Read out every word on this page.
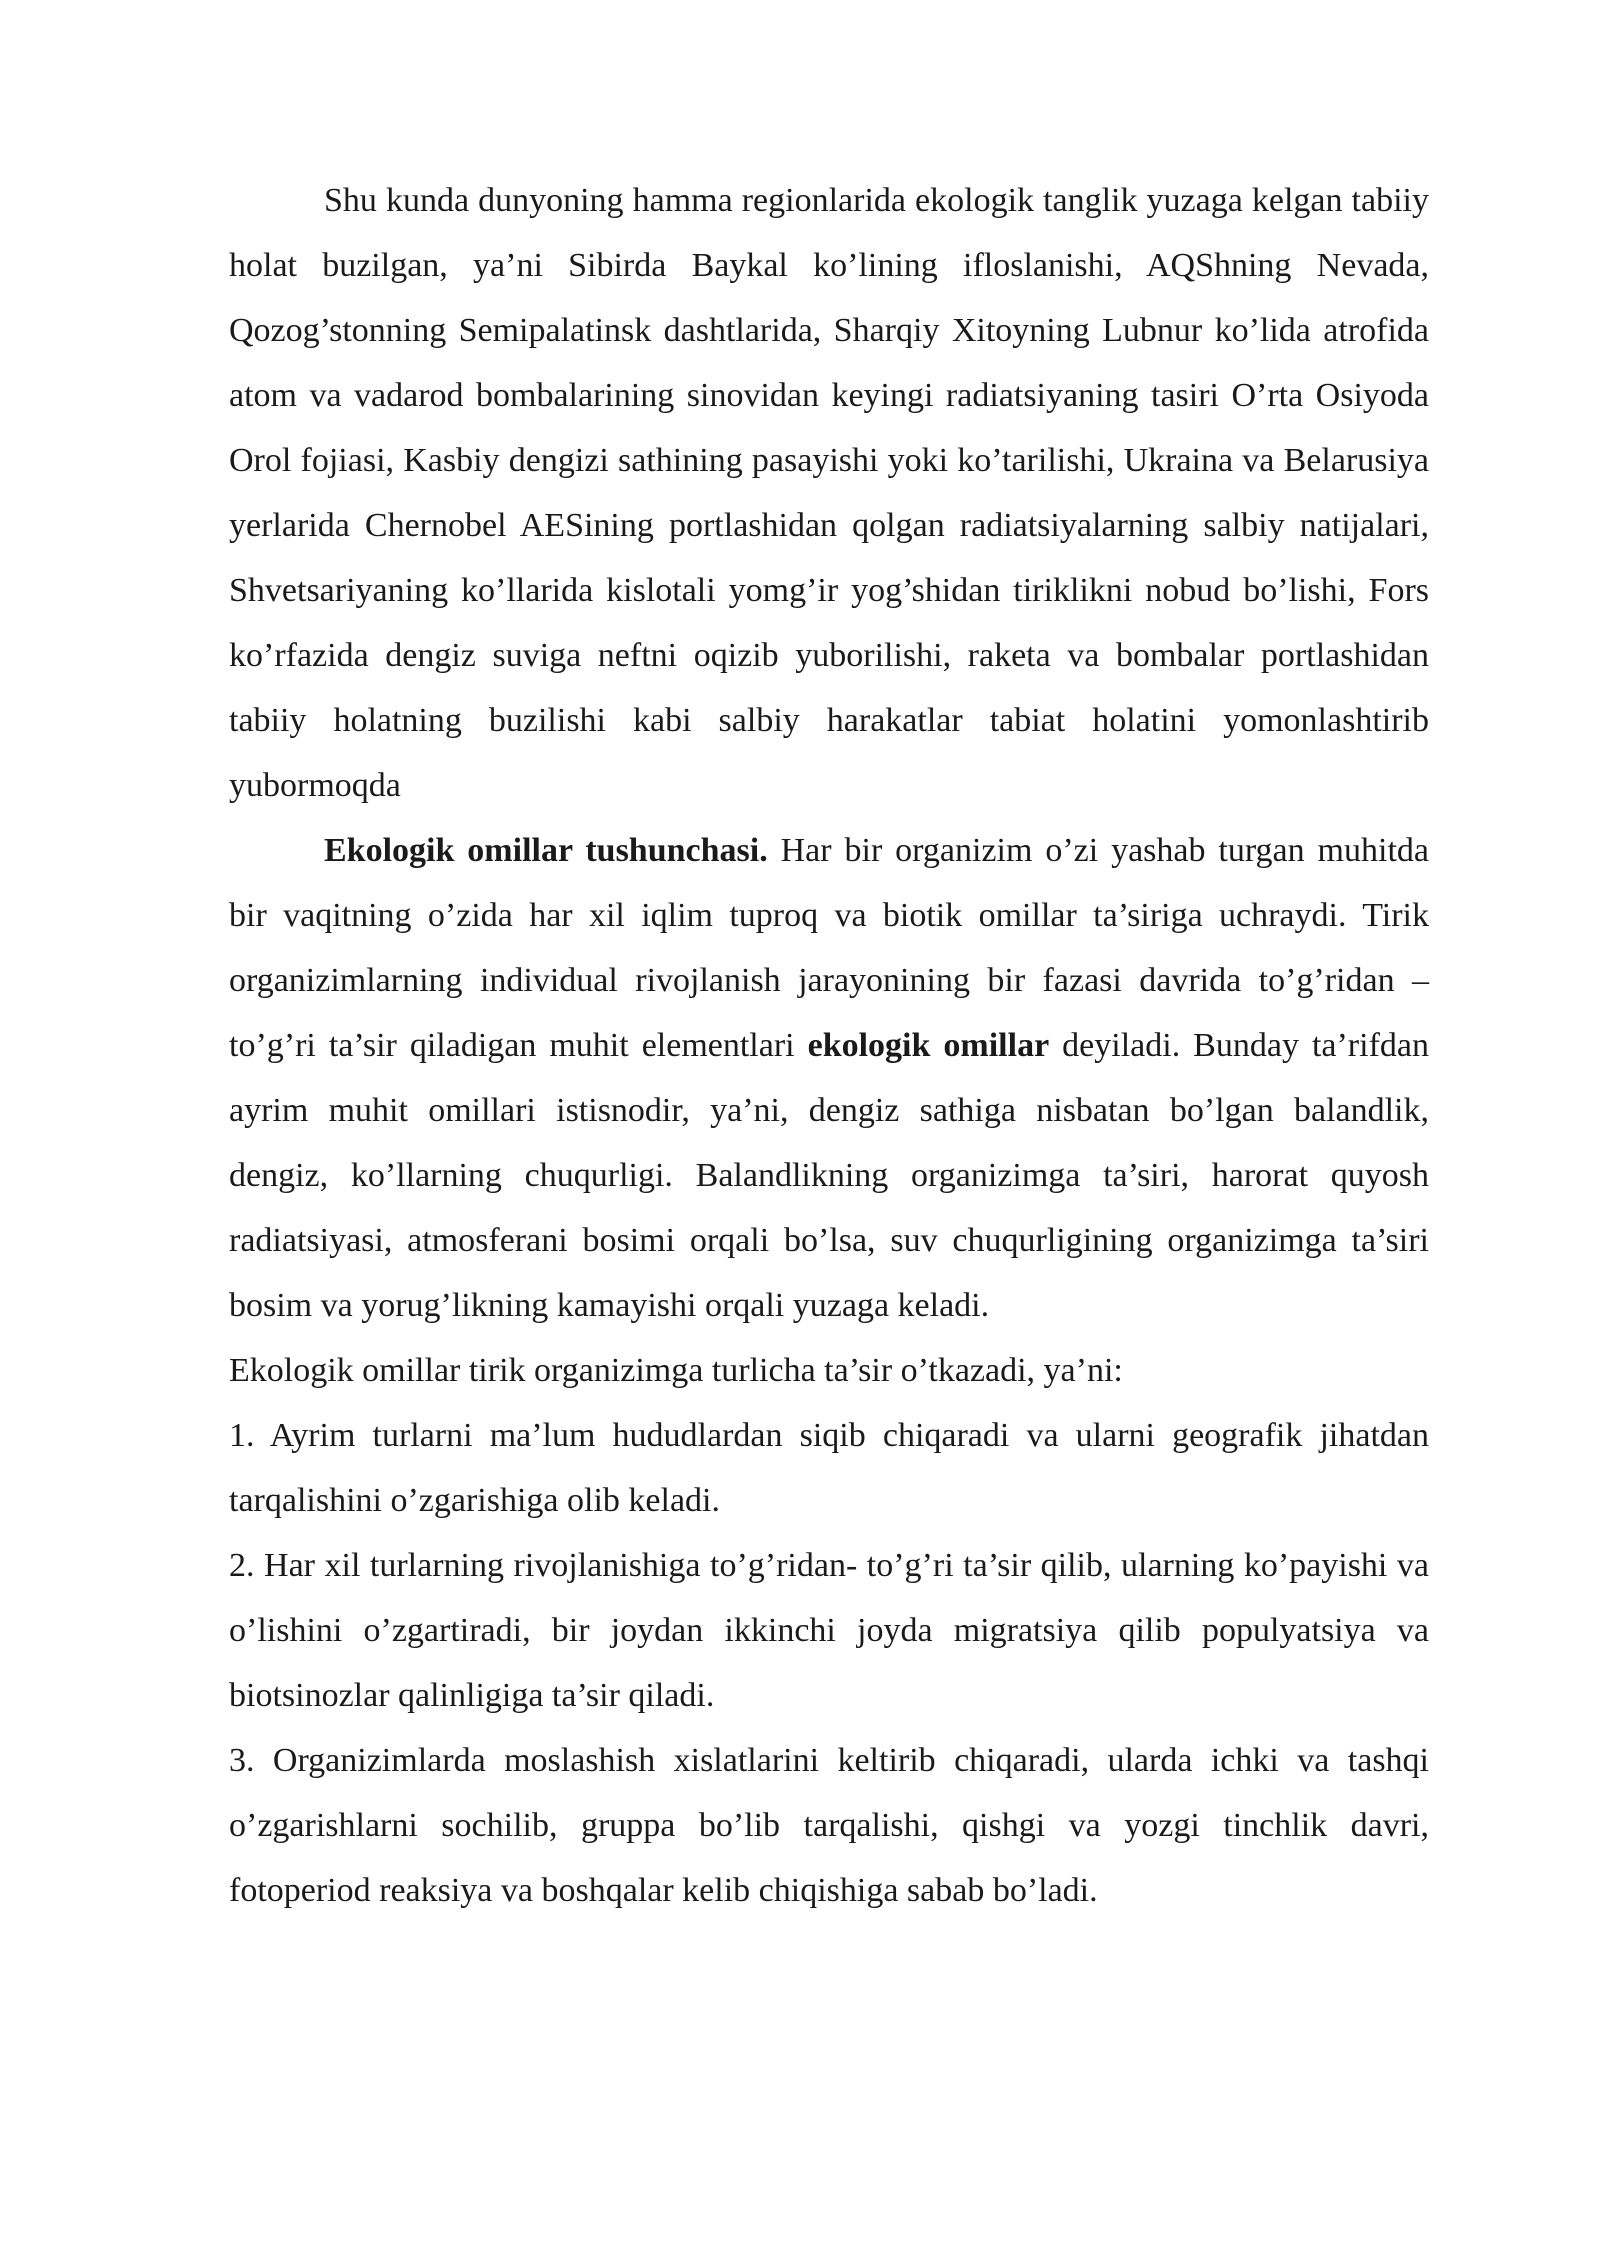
Shu kunda dunyoning hamma regionlarida ekologik tanglik yuzaga kelgan tabiiy holat buzilgan, ya’ni Sibirda Baykal ko’lining ifloslanishi, AQShning Nevada, Qozog’stonning Semipalatinsk dashtlarida, Sharqiy Xitoyning Lubnur ko’lida atrofida atom va vadarod bombalarining sinovidan keyingi radiatsiyaning tasiri O’rta Osiyoda Orol fojiasi, Kasbiy dengizi sathining pasayishi yoki ko’tarilishi, Ukraina va Belarusiya yerlarida Chernobel AESining portlashidan qolgan radiatsiyalarning salbiy natijalari, Shvetsariyaning ko’llarida kislotali yomg’ir yog’shidan tiriklikni nobud bo’lishi, Fors ko’rfazida dengiz suviga neftni oqizib yuborilishi, raketa va bombalar portlashidan tabiiy holatning buzilishi kabi salbiy harakatlar tabiat holatini yomonlashtirib yubormoqda

Ekologik omillar tushunchasi. Har bir organizim o’zi yashab turgan muhitda bir vaqitning o’zida har xil iqlim tuproq va biotik omillar ta’siriga uchraydi. Tirik organizimlarning individual rivojlanish jarayonining bir fazasi davrida to’g’ridan –to’g’ri ta’sir qiladigan muhit elementlari ekologik omillar deyiladi. Bunday ta’rifdan ayrim muhit omillari istisnodir, ya’ni, dengiz sathiga nisbatan bo’lgan balandlik, dengiz, ko’llarning chuqurligi. Balandlikning organizimga ta’siri, harorat quyosh radiatsiyasi, atmosferani bosimi orqali bo’lsa, suv chuqurligining organizimga ta’siri bosim va yorug’likning kamayishi orqali yuzaga keladi.

Ekologik omillar tirik organizimga turlicha ta’sir o’tkazadi, ya’ni:

1. Ayrim turlarni ma’lum hududlardan siqib chiqaradi va ularni geografik jihatdan tarqalishini o’zgarishiga olib keladi.

2. Har xil turlarning rivojlanishiga to’g’ridan- to’g’ri ta’sir qilib, ularning ko’payishi va o’lishini o’zgartiradi, bir joydan ikkinchi joyda migratsiya qilib populyatsiya va biotsinozlar qalinligiga ta’sir qiladi.

3. Organizimlarda moslashish xislatlarini keltirib chiqaradi, ularda ichki va tashqi o’zgarishlarni sochilib, gruppa bo’lib tarqalishi, qishgi va yozgi tinchlik davri, fotoperiod reaksiya va boshqalar kelib chiqishiga sabab bo’ladi.
